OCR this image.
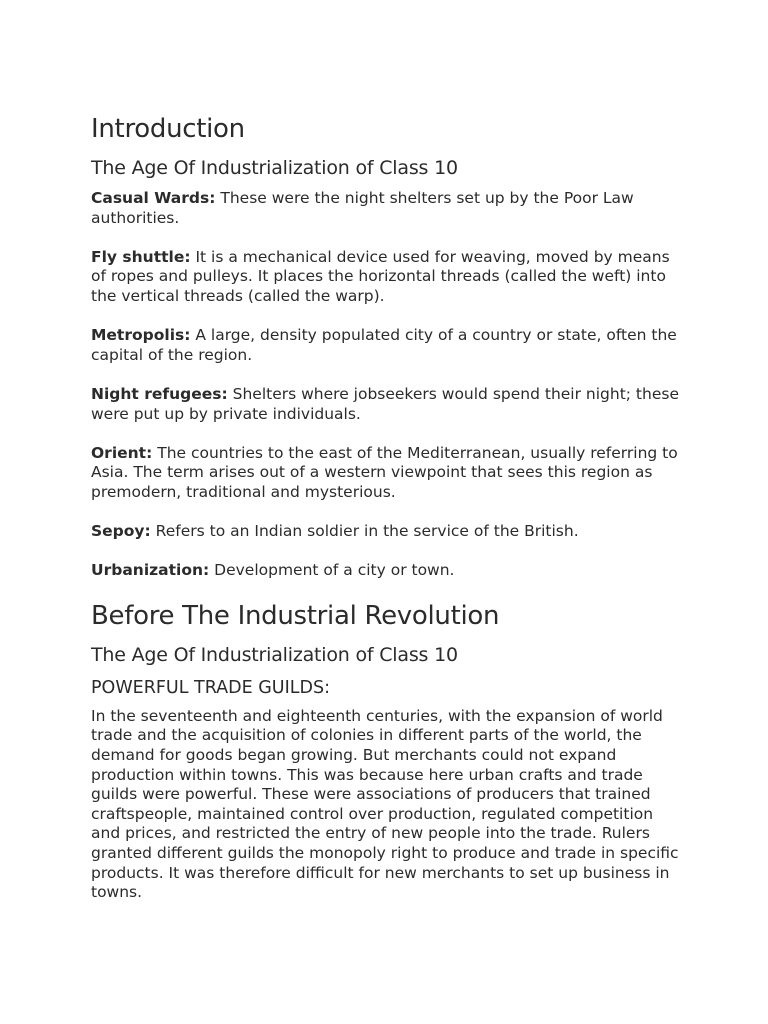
Introduction
The Age Of Industrialization of Class 10

Casual Wards: These were the night shelters set up by the Poor Law authorities.

Fly shuttle: It is a mechanical device used for weaving, moved by means of ropes and pulleys. It places the horizontal threads (called the weft) into the vertical threads (called the warp).

Metropolis: A large, density populated city of a country or state, often the capital of the region.

Night refugees: Shelters where jobseekers would spend their night; these were put up by private individuals.

Orient: The countries to the east of the Mediterranean, usually referring to Asia. The term arises out of a western viewpoint that sees this region as premodern, traditional and mysterious.

Sepoy: Refers to an Indian soldier in the service of the British.

Urbanization: Development of a city or town.

Before The Industrial Revolution
The Age Of Industrialization of Class 10
POWERFUL TRADE GUILDS:

In the seventeenth and eighteenth centuries, with the expansion of world trade and the acquisition of colonies in different parts of the world, the demand for goods began growing. But merchants could not expand production within towns. This was because here urban crafts and trade guilds were powerful. These were associations of producers that trained craftspeople, maintained control over production, regulated competition and prices, and restricted the entry of new people into the trade. Rulers granted different guilds the monopoly right to produce and trade in specific products. It was therefore difficult for new merchants to set up business in towns.
